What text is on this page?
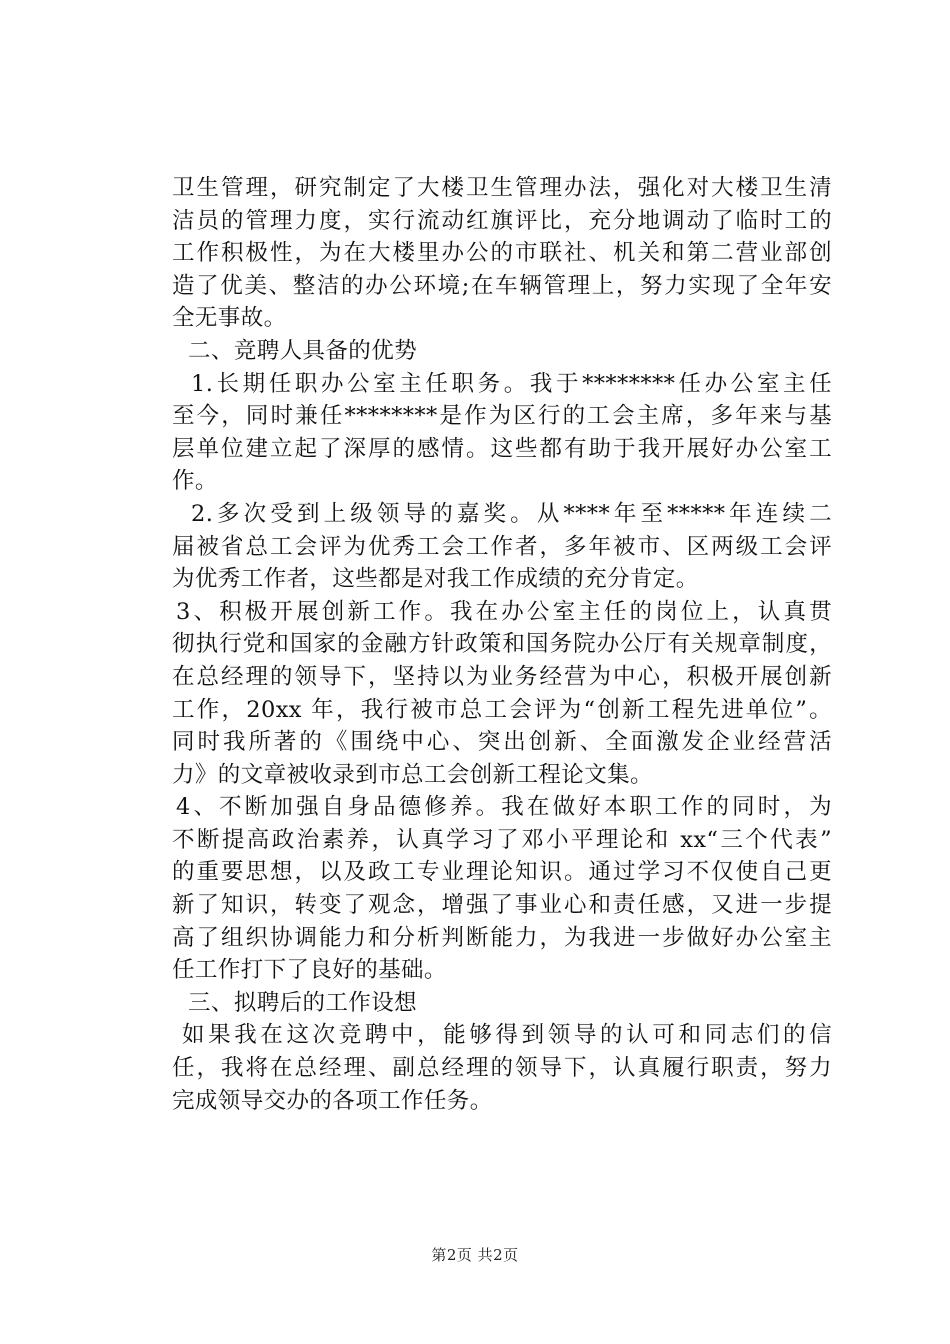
卫生管理，研究制定了大楼卫生管理办法，强化对大楼卫生清
洁员的管理力度，实行流动红旗评比，充分地调动了临时工的
工作积极性，为在大楼里办公的市联社、机关和第二营业部创
造了优美、整洁的办公环境;在车辆管理上，努力实现了全年安
全无事故。
二、竞聘人具备的优势
1.长期任职办公室主任职务。我于********任办公室主任
至今，同时兼任********是作为区行的工会主席，多年来与基
层单位建立起了深厚的感情。这些都有助于我开展好办公室工
作。
2.多次受到上级领导的嘉奖。从****年至*****年连续二
届被省总工会评为优秀工会工作者，多年被市、区两级工会评
为优秀工作者，这些都是对我工作成绩的充分肯定。
3、积极开展创新工作。我在办公室主任的岗位上，认真贯
彻执行党和国家的金融方针政策和国务院办公厅有关规章制度，
在总经理的领导下，坚持以为业务经营为中心，积极开展创新
工作，20xx 年，我行被市总工会评为“创新工程先进单位”。
同时我所著的《围绕中心、突出创新、全面激发企业经营活
力》的文章被收录到市总工会创新工程论文集。
4、不断加强自身品德修养。我在做好本职工作的同时，为
不断提高政治素养，认真学习了邓小平理论和 xx“三个代表”
的重要思想，以及政工专业理论知识。通过学习不仅使自己更
新了知识，转变了观念，增强了事业心和责任感，又进一步提
高了组织协调能力和分析判断能力，为我进一步做好办公室主
任工作打下了良好的基础。
三、拟聘后的工作设想
如果我在这次竞聘中，能够得到领导的认可和同志们的信
任，我将在总经理、副总经理的领导下，认真履行职责，努力
完成领导交办的各项工作任务。
第2页 共2页
